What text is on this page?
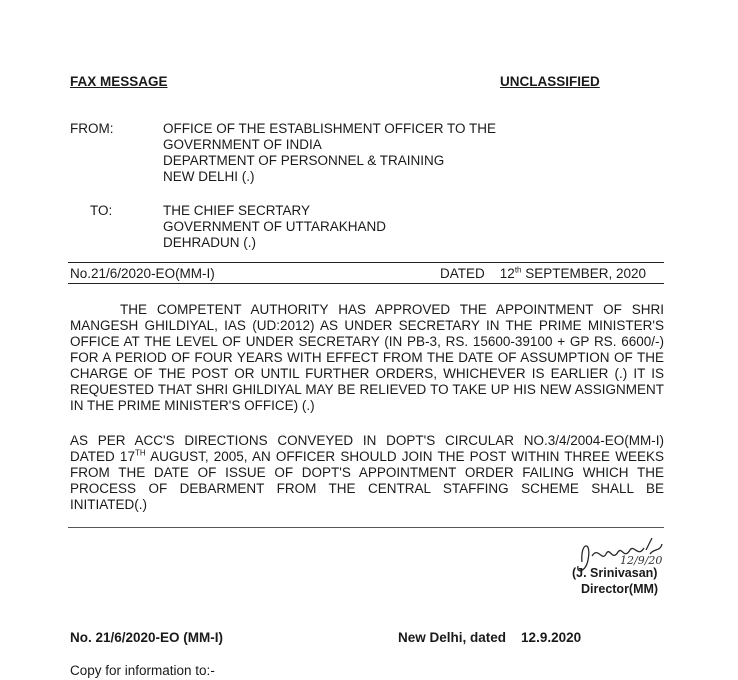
FAX MESSAGE	UNCLASSIFIED
FROM:	OFFICE OF THE ESTABLISHMENT OFFICER TO THE
GOVERNMENT OF INDIA
DEPARTMENT OF PERSONNEL & TRAINING
NEW DELHI (.)
TO:	THE CHIEF SECRTARY
GOVERNMENT OF UTTARAKHAND
DEHRADUN (.)
No.21/6/2020-EO(MM-I)	DATED 12th SEPTEMBER, 2020
THE COMPETENT AUTHORITY HAS APPROVED THE APPOINTMENT OF SHRI MANGESH GHILDIYAL, IAS (UD:2012) AS UNDER SECRETARY IN THE PRIME MINISTER'S OFFICE AT THE LEVEL OF UNDER SECRETARY (IN PB-3, RS. 15600-39100 + GP RS. 6600/-) FOR A PERIOD OF FOUR YEARS WITH EFFECT FROM THE DATE OF ASSUMPTION OF THE CHARGE OF THE POST OR UNTIL FURTHER ORDERS, WHICHEVER IS EARLIER (.) IT IS REQUESTED THAT SHRI GHILDIYAL MAY BE RELIEVED TO TAKE UP HIS NEW ASSIGNMENT IN THE PRIME MINISTER'S OFFICE) (.)
AS PER ACC'S DIRECTIONS CONVEYED IN DOPT'S CIRCULAR NO.3/4/2004-EO(MM-I) DATED 17TH AUGUST, 2005, AN OFFICER SHOULD JOIN THE POST WITHIN THREE WEEKS FROM THE DATE OF ISSUE OF DOPT'S APPOINTMENT ORDER FAILING WHICH THE PROCESS OF DEBARMENT FROM THE CENTRAL STAFFING SCHEME SHALL BE INITIATED(.)
12/9/20
(J. Srinivasan)
Director(MM)
No. 21/6/2020-EO (MM-I)	New Delhi, dated 12.9.2020
Copy for information to:-
